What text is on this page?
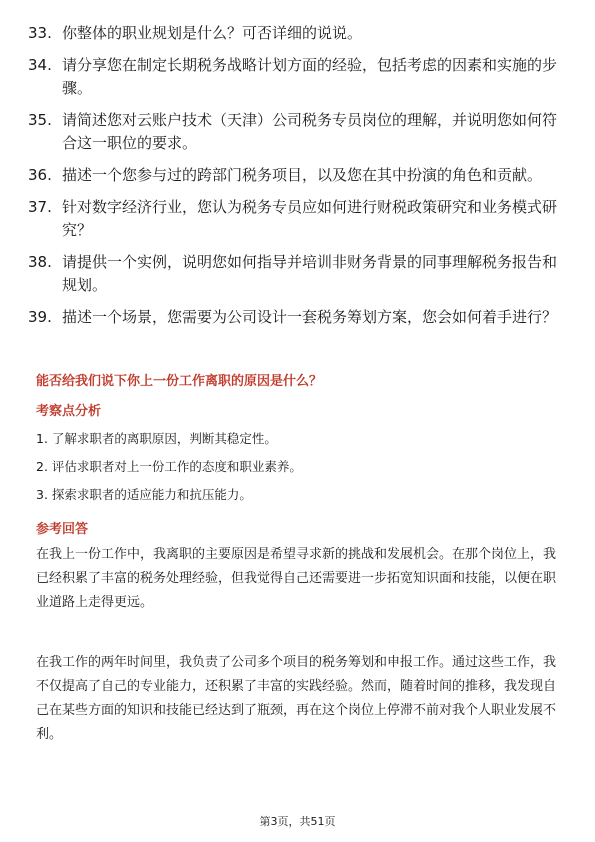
33. 你整体的职业规划是什么？可否详细的说说。
34. 请分享您在制定长期税务战略计划方面的经验，包括考虑的因素和实施的步骤。
35. 请简述您对云账户技术（天津）公司税务专员岗位的理解，并说明您如何符合这一职位的要求。
36. 描述一个您参与过的跨部门税务项目，以及您在其中扮演的角色和贡献。
37. 针对数字经济行业，您认为税务专员应如何进行财税政策研究和业务模式研究？
38. 请提供一个实例，说明您如何指导并培训非财务背景的同事理解税务报告和规划。
39. 描述一个场景，您需要为公司设计一套税务筹划方案，您会如何着手进行？
能否给我们说下你上一份工作离职的原因是什么？
考察点分析
1. 了解求职者的离职原因，判断其稳定性。
2. 评估求职者对上一份工作的态度和职业素养。
3. 探索求职者的适应能力和抗压能力。
参考回答

在我上一份工作中，我离职的主要原因是希望寻求新的挑战和发展机会。在那个岗位上，我已经积累了丰富的税务处理经验，但我觉得自己还需要进一步拓宽知识面和技能，以便在职业道路上走得更远。

在我工作的两年时间里，我负责了公司多个项目的税务筹划和申报工作。通过这些工作，我不仅提高了自己的专业能力，还积累了丰富的实践经验。然而，随着时间的推移，我发现自己在某些方面的知识和技能已经达到了瓶颈，再在这个岗位上停滞不前对我个人职业发展不利。

第3页，共51页
